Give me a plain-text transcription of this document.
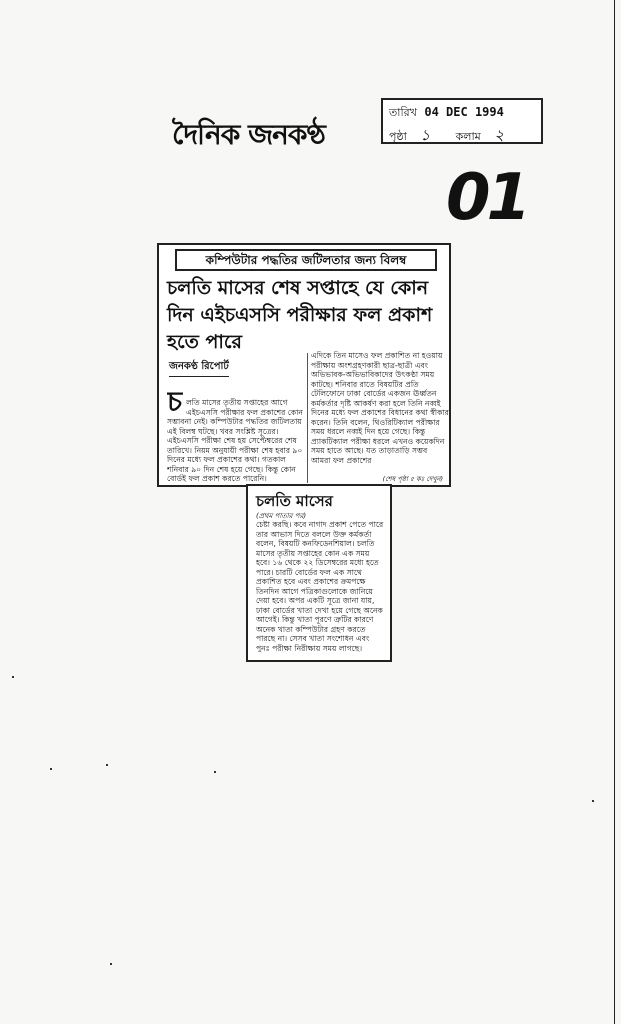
দৈনিক জনকণ্ঠ
তারিখ 04 DEC 1994
পৃষ্ঠা ১ কলাম ২
01
কম্পিউটার পদ্ধতির জটিলতার জন্য বিলম্ব
চলতি মাসের শেষ সপ্তাহে যে কোন দিন এইচএসসি পরীক্ষার ফল প্রকাশ হতে পারে
জনকণ্ঠ রিপোর্ট

চ লতি মাসের তৃতীয় সপ্তাহের আগে এইচএসসি পরীক্ষার ফল প্রকাশের কোন সম্ভাবনা নেই। কম্পিউটার পদ্ধতির জটিলতায় এই বিলম্ব ঘটছে। খবর সংশ্লিষ্ট সূত্রের। এইচএসসি পরীক্ষা শেষ হয় সেপ্টেম্বরের শেষ তারিখে। নিয়ম অনুযায়ী পরীক্ষা শেষ হবার ৯০ দিনের মধ্যে ফল প্রকাশের কথা। গতকাল শনিবার ৯০ দিন শেষ হয়ে গেছে। কিন্তু কোন বোর্ডই ফল প্রকাশ করতে পারেনি।

এদিকে তিন মাসেও ফল প্রকাশিত না হওয়ায় পরীক্ষায় অংশগ্রহণকারী ছাত্র-ছাত্রী এবং অভিভাবক-অভিভাবিকাদের উৎকণ্ঠা সময় কাটছে। শনিবার রাতে বিষয়টির প্রতি টেলিফোনে ঢাকা বোর্ডের একজন ঊর্ধ্বতন কর্মকর্তার দৃষ্টি আকর্ষণ করা হলে তিনি নব্বই দিনের মধ্যে ফল প্রকাশের বিধানের কথা স্বীকার করেন। তিনি বলেন, থিওরিটিক্যাল পরীক্ষার সময় ধরলে নব্বই দিন হয়ে গেছে। কিন্তু প্র্যাকটিক্যাল পরীক্ষা ধরলে এখনও কয়েকদিন সময় হাতে আছে। যত তাড়াতাড়ি সম্ভব আমরা ফল প্রকাশের
(শেষ পৃষ্ঠা ৫ কঃ দেখুন)
চলতি মাসের
(প্রথম পাতার পর)
চেষ্টা করছি। কবে নাগাদ প্রকাশ পেতে পারে তার আভাস দিতে বললে উক্ত কর্মকর্তা বলেন, বিষয়টি কনফিডেনশিয়াল। চলতি মাসের তৃতীয় সপ্তাহের কোন এক সময় হবে। ১৬ থেকে ২২ ডিসেম্বরের মধ্যে হতে পারে। চারটি বোর্ডের ফল এক সাথে প্রকাশিত হবে এবং প্রকাশের ক্রমপক্ষে তিনদিন আগে পত্রিকাগুলোকে জানিয়ে দেয়া হবে। অপর একটি সূত্রে জানা যায়, ঢাকা বোর্ডের খাতা দেখা হয়ে গেছে অনেক আগেই। কিন্তু খাতা পূরণে ত্রুটির কারণে অনেক খাতা কম্পিউটার গ্রহণ করতে পারছে না। সেসব খাতা সংশোধন এবং পুনঃ পরীক্ষা নিরীক্ষায় সময় লাগছে।
